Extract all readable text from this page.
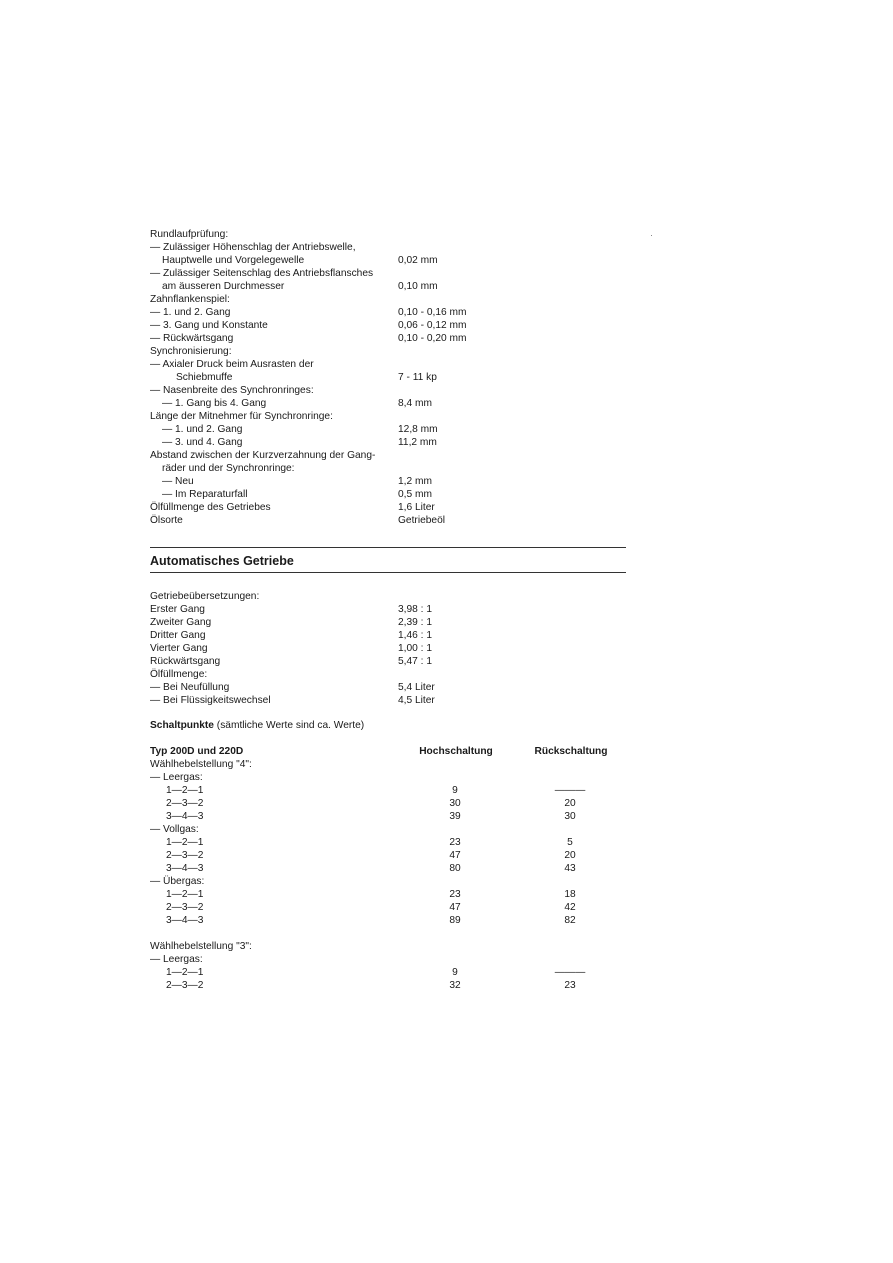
Rundlaufprüfung:
— Zulässiger Höhenschlag der Antriebswelle,
Hauptwelle und Vorgelegewelle	0,02 mm
— Zulässiger Seitenschlag des Antriebsflansches
am äusseren Durchmesser	0,10 mm
Zahnflankenspiel:
— 1. und 2. Gang	0,10 - 0,16 mm
— 3. Gang und Konstante	0,06 - 0,12 mm
— Rückwärtsgang	0,10 - 0,20 mm
Synchronisierung:
— Axialer Druck beim Ausrasten der
Schiebmuffe	7 - 11 kp
— Nasenbreite des Synchronringes:
— 1. Gang bis 4. Gang	8,4 mm
Länge der Mitnehmer für Synchronringe:
— 1. und 2. Gang	12,8 mm
— 3. und 4. Gang	11,2 mm
Abstand zwischen der Kurzverzahnung der Gang-
räder und der Synchronringe:
— Neu	1,2 mm
— Im Reparaturfall	0,5 mm
Ölfüllmenge des Getriebes	1,6 Liter
Ölsorte	Getriebeöl
Automatisches Getriebe
Getriebeübersetzungen:
Erster Gang	3,98 : 1
Zweiter Gang	2,39 : 1
Dritter Gang	1,46 : 1
Vierter Gang	1,00 : 1
Rückwärtsgang	5,47 : 1
Ölfüllmenge:
— Bei Neufüllung	5,4 Liter
— Bei Flüssigkeitswechsel	4,5 Liter
Schaltpunkte (sämtliche Werte sind ca. Werte)
Typ 200D und 220D	Hochschaltung	Rückschaltung
Wählhebelstellung "4":
— Leergas:
1—2—1	9	———
2—3—2	30	20
3—4—3	39	30
— Vollgas:
1—2—1	23	5
2—3—2	47	20
3—4—3	80	43
— Übergas:
1—2—1	23	18
2—3—2	47	42
3—4—3	89	82
Wählhebelstellung "3":
— Leergas:
1—2—1	9	———
2—3—2	32	23
